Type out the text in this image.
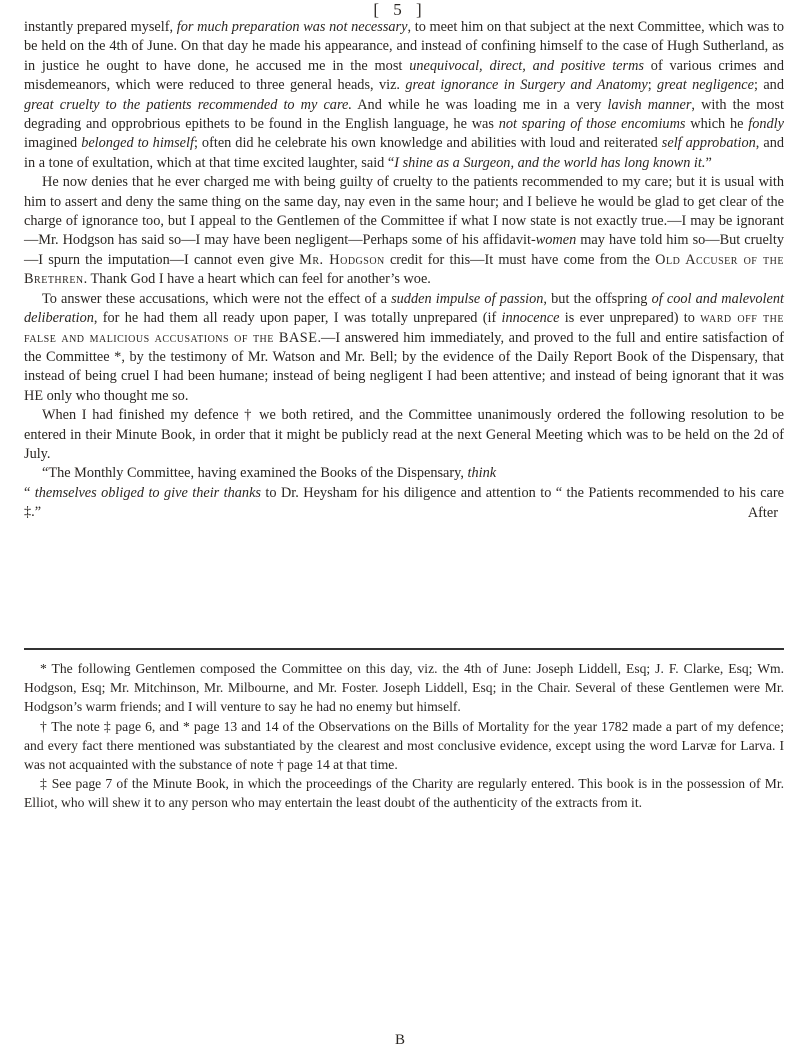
[ 5 ]

instantly prepared myself, for much preparation was not necessary, to meet him on that subject at the next Committee, which was to be held on the 4th of June. On that day he made his appearance, and instead of confining himself to the case of Hugh Sutherland, as in justice he ought to have done, he accused me in the most unequivocal, direct, and positive terms of various crimes and misdemeanors, which were reduced to three general heads, viz. great ignorance in Surgery and Anatomy; great negligence; and great cruelty to the patients recommended to my care. And while he was loading me in a very lavish manner, with the most degrading and opprobrious epithets to be found in the English language, he was not sparing of those encomiums which he fondly imagined belonged to himself; often did he celebrate his own knowledge and abilities with loud and reiterated self approbation, and in a tone of exultation, which at that time excited laughter, said “I shine as a Surgeon, and the world has long known it.”

He now denies that he ever charged me with being guilty of cruelty to the patients recommended to my care; but it is usual with him to assert and deny the same thing on the same day, nay even in the same hour; and I believe he would be glad to get clear of the charge of ignorance too, but I appeal to the Gentlemen of the Committee if what I now state is not exactly true.—I may be ignorant—Mr. Hodgson has said so—I may have been negligent—Perhaps some of his affidavit-women may have told him so—But cruelty—I spurn the imputation—I cannot even give Mr. Hodgson credit for this—It must have come from the Old Accuser of the Brethren. Thank God I have a heart which can feel for another’s woe.

To answer these accusations, which were not the effect of a sudden impulse of passion, but the offspring of cool and malevolent deliberation, for he had them all ready upon paper, I was totally unprepared (if innocence is ever unprepared) to ward off the false and malicious accusations of the BASE.—I answered him immediately, and proved to the full and entire satisfaction of the Committee *, by the testimony of Mr. Watson and Mr. Bell; by the evidence of the Daily Report Book of the Dispensary, that instead of being cruel I had been humane; instead of being negligent I had been attentive; and instead of being ignorant that it was HE only who thought me so.

When I had finished my defence † we both retired, and the Committee unanimously ordered the following resolution to be entered in their Minute Book, in order that it might be publicly read at the next General Meeting which was to be held on the 2d of July.

“The Monthly Committee, having examined the Books of the Dispensary, think
“ themselves obliged to give their thanks to Dr. Heysham for his diligence and attention to “ the Patients recommended to his care ‡.”	After

* The following Gentlemen composed the Committee on this day, viz. the 4th of June: Joseph Liddell, Esq; J. F. Clarke, Esq; Wm. Hodgson, Esq; Mr. Mitchinson, Mr. Milbourne, and Mr. Foster. Joseph Liddell, Esq; in the Chair. Several of these Gentlemen were Mr. Hodgson’s warm friends; and I will venture to say he had no enemy but himself.

† The note ‡ page 6, and * page 13 and 14 of the Observations on the Bills of Mortality for the year 1782 made a part of my defence; and every fact there mentioned was substantiated by the clearest and most conclusive evidence, except using the word Larvæ for Larva. I was not acquainted with the substance of note † page 14 at that time.

‡ See page 7 of the Minute Book, in which the proceedings of the Charity are regularly entered. This book is in the possession of Mr. Elliot, who will shew it to any person who may entertain the least doubt of the authenticity of the extracts from it.

B
